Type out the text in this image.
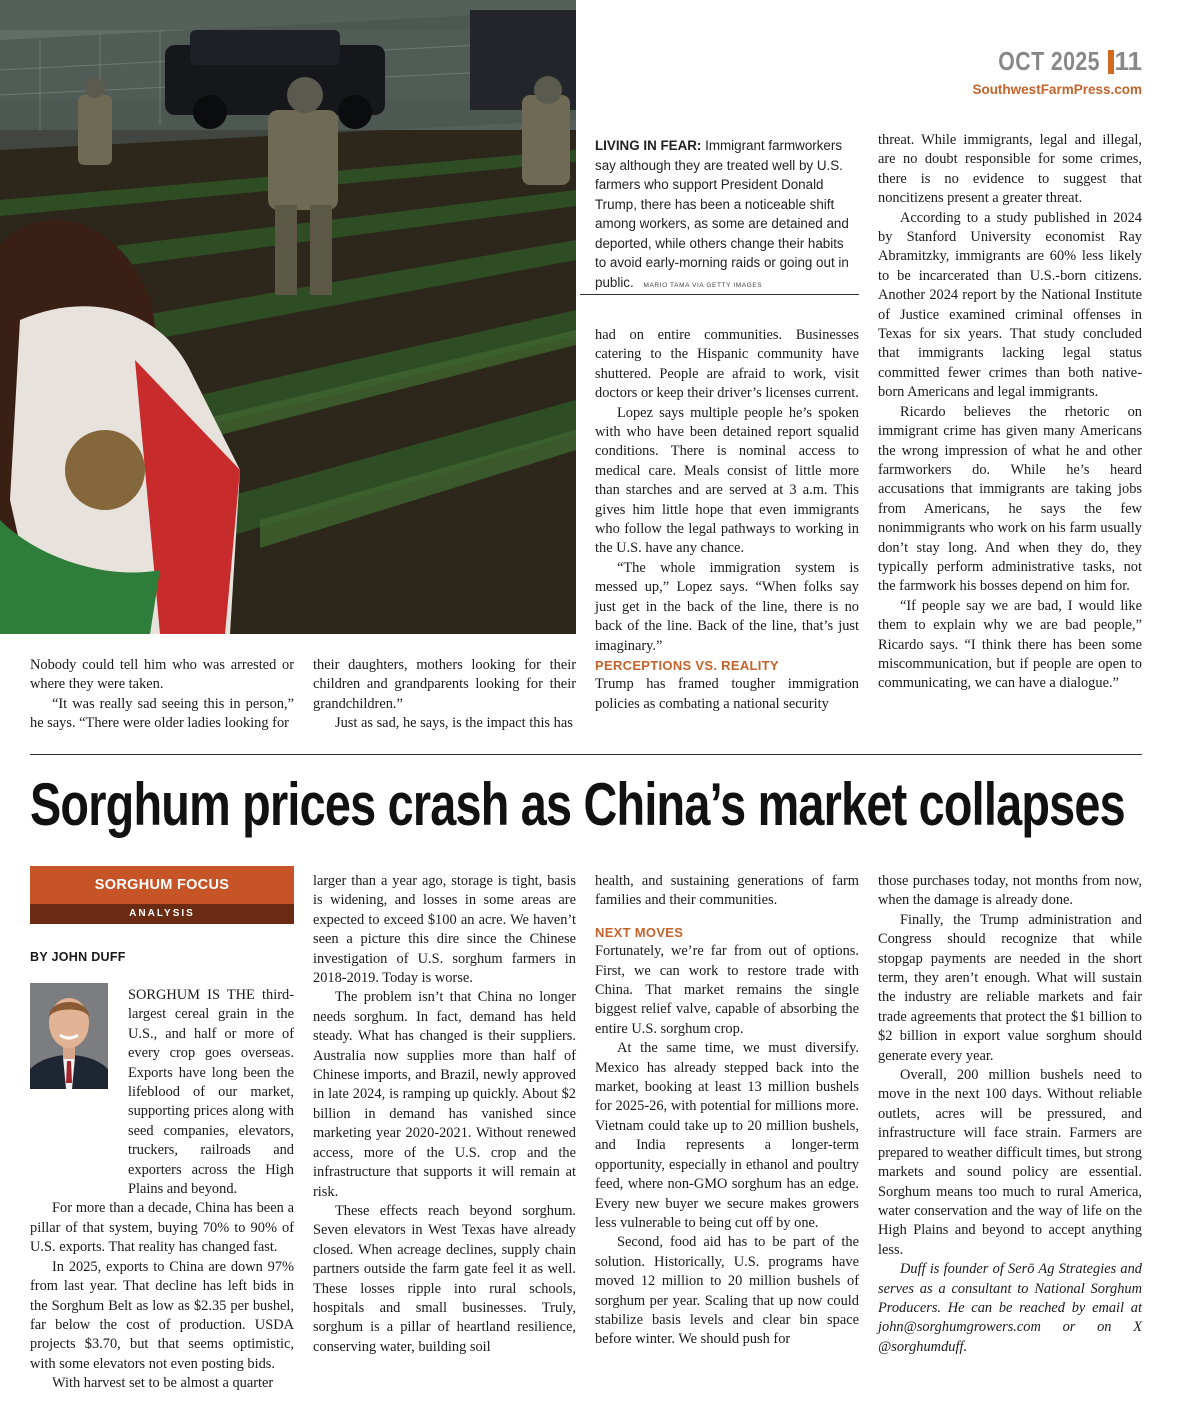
11
OCT 2025
SouthwestFarmPress.com
LIVING IN FEAR: Immigrant farmworkers say although they are treated well by U.S. farmers who support President Donald Trump, there has been a noticeable shift among workers, as some are detained and deported, while others change their habits to avoid early-morning raids or going out in public. MARIO TAMA VIA GETTY IMAGES

Nobody could tell him who was arrested or where they were taken.

“It was really sad seeing this in person,” he says. “There were older ladies looking for

their daughters, mothers looking for their children and grandparents looking for their grandchildren.”

Just as sad, he says, is the impact this has

had on entire communities. Businesses catering to the Hispanic community have shuttered. People are afraid to work, visit doctors or keep their driver’s licenses current.

Lopez says multiple people he’s spoken with who have been detained report squalid conditions. There is nominal access to medical care. Meals consist of little more than starches and are served at 3 a.m. This gives him little hope that even immigrants who follow the legal pathways to working in the U.S. have any chance.

“The whole immigration system is messed up,” Lopez says. “When folks say just get in the back of the line, there is no back of the line. Back of the line, that’s just imaginary.”

PERCEPTIONS VS. REALITY

Trump has framed tougher immigration policies as combating a national security

threat. While immigrants, legal and illegal, are no doubt responsible for some crimes, there is no evidence to suggest that noncitizens present a greater threat.

According to a study published in 2024 by Stanford University economist Ray Abramitzky, immigrants are 60% less likely to be incarcerated than U.S.-born citizens. Another 2024 report by the National Institute of Justice examined criminal offenses in Texas for six years. That study concluded that immigrants lacking legal status committed fewer crimes than both native-born Americans and legal immigrants.

Ricardo believes the rhetoric on immigrant crime has given many Americans the wrong impression of what he and other farmworkers do. While he’s heard accusations that immigrants are taking jobs from Americans, he says the few nonimmigrants who work on his farm usually don’t stay long. And when they do, they typically perform administrative tasks, not the farmwork his bosses depend on him for.

“If people say we are bad, I would like them to explain why we are bad people,” Ricardo says. “I think there has been some miscommunication, but if people are open to communicating, we can have a dialogue.”

Sorghum prices crash as China’s market collapses
SORGHUM FOCUS
ANALYSIS
BY JOHN DUFF

SORGHUM IS THE third-largest cereal grain in the U.S., and half or more of every crop goes overseas. Exports have long been the lifeblood of our market, supporting prices along with seed companies, elevators, truckers, railroads and exporters across the High Plains and beyond.

For more than a decade, China has been a pillar of that system, buying 70% to 90% of U.S. exports. That reality has changed fast.

In 2025, exports to China are down 97% from last year. That decline has left bids in the Sorghum Belt as low as $2.35 per bushel, far below the cost of production. USDA projects $3.70, but that seems optimistic, with some elevators not even posting bids.

With harvest set to be almost a quarter

larger than a year ago, storage is tight, basis is widening, and losses in some areas are expected to exceed $100 an acre. We haven’t seen a picture this dire since the Chinese investigation of U.S. sorghum farmers in 2018-2019. Today is worse.

The problem isn’t that China no longer needs sorghum. In fact, demand has held steady. What has changed is their suppliers. Australia now supplies more than half of Chinese imports, and Brazil, newly approved in late 2024, is ramping up quickly. About $2 billion in demand has vanished since marketing year 2020-2021. Without renewed access, more of the U.S. crop and the infrastructure that supports it will remain at risk.

These effects reach beyond sorghum. Seven elevators in West Texas have already closed. When acreage declines, supply chain partners outside the farm gate feel it as well. These losses ripple into rural schools, hospitals and small businesses. Truly, sorghum is a pillar of heartland resilience, conserving water, building soil

health, and sustaining generations of farm families and their communities.

NEXT MOVES

Fortunately, we’re far from out of options. First, we can work to restore trade with China. That market remains the single biggest relief valve, capable of absorbing the entire U.S. sorghum crop.

At the same time, we must diversify. Mexico has already stepped back into the market, booking at least 13 million bushels for 2025-26, with potential for millions more. Vietnam could take up to 20 million bushels, and India represents a longer-term opportunity, especially in ethanol and poultry feed, where non-GMO sorghum has an edge. Every new buyer we secure makes growers less vulnerable to being cut off by one.

Second, food aid has to be part of the solution. Historically, U.S. programs have moved 12 million to 20 million bushels of sorghum per year. Scaling that up now could stabilize basis levels and clear bin space before winter. We should push for

those purchases today, not months from now, when the damage is already done.

Finally, the Trump administration and Congress should recognize that while stopgap payments are needed in the short term, they aren’t enough. What will sustain the industry are reliable markets and fair trade agreements that protect the $1 billion to $2 billion in export value sorghum should generate every year.

Overall, 200 million bushels need to move in the next 100 days. Without reliable outlets, acres will be pressured, and infrastructure will face strain. Farmers are prepared to weather difficult times, but strong markets and sound policy are essential. Sorghum means too much to rural America, water conservation and the way of life on the High Plains and beyond to accept anything less.

Duff is founder of Serō Ag Strategies and serves as a consultant to National Sorghum Producers. He can be reached by email at john@sorghumgrowers.com or on X @sorghumduff.
